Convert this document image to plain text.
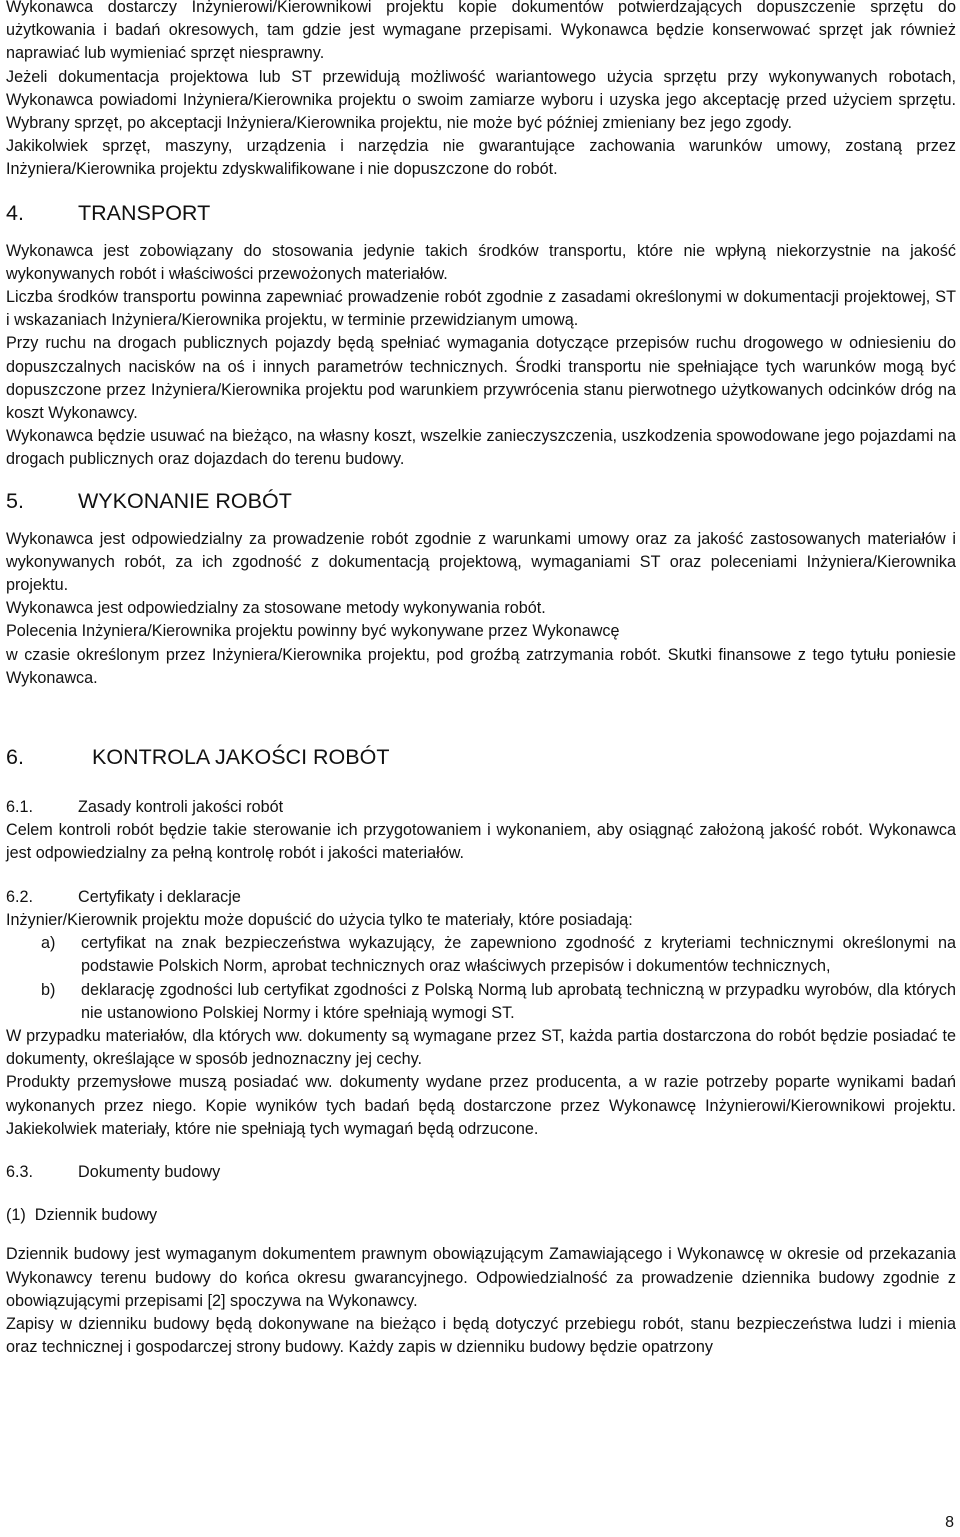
Wykonawca dostarczy Inżynierowi/Kierownikowi projektu kopie dokumentów potwierdzających dopuszczenie sprzętu do użytkowania i badań okresowych, tam gdzie jest wymagane przepisami. Wykonawca będzie konserwować sprzęt jak również naprawiać lub wymieniać sprzęt niesprawny.

Jeżeli dokumentacja projektowa lub ST przewidują możliwość wariantowego użycia sprzętu przy wykonywanych robotach, Wykonawca powiadomi Inżyniera/Kierownika projektu o swoim zamiarze wyboru i uzyska jego akceptację przed użyciem sprzętu. Wybrany sprzęt, po akceptacji Inżyniera/Kierownika projektu, nie może być później zmieniany bez jego zgody.

Jakikolwiek sprzęt, maszyny, urządzenia i narzędzia nie gwarantujące zachowania warunków umowy, zostaną przez Inżyniera/Kierownika projektu zdyskwalifikowane i nie dopuszczone do robót.

4.	TRANSPORT

Wykonawca jest zobowiązany do stosowania jedynie takich środków transportu, które nie wpłyną niekorzystnie na jakość wykonywanych robót i właściwości przewożonych materiałów.

Liczba środków transportu powinna zapewniać prowadzenie robót zgodnie z zasadami określonymi w dokumentacji projektowej, ST i wskazaniach Inżyniera/Kierownika projektu, w terminie przewidzianym umową.

Przy ruchu na drogach publicznych pojazdy będą spełniać wymagania dotyczące przepisów ruchu drogowego w odniesieniu do dopuszczalnych nacisków na oś i innych parametrów technicznych. Środki transportu nie spełniające tych warunków mogą być dopuszczone przez Inżyniera/Kierownika projektu pod warunkiem przywrócenia stanu pierwotnego użytkowanych odcinków dróg na koszt Wykonawcy.

Wykonawca będzie usuwać na bieżąco, na własny koszt, wszelkie zanieczyszczenia, uszkodzenia spowodowane jego pojazdami na drogach publicznych oraz dojazdach do terenu budowy.

5.	WYKONANIE ROBÓT

Wykonawca jest odpowiedzialny za prowadzenie robót zgodnie z warunkami umowy oraz za jakość zastosowanych materiałów i wykonywanych robót, za ich zgodność z dokumentacją projektową, wymaganiami ST oraz poleceniami Inżyniera/Kierownika projektu.

Wykonawca jest odpowiedzialny za stosowane metody wykonywania robót.

Polecenia Inżyniera/Kierownika projektu powinny być wykonywane przez Wykonawcę

w czasie określonym przez Inżyniera/Kierownika projektu, pod groźbą zatrzymania robót. Skutki finansowe z tego tytułu poniesie Wykonawca.

6.	KONTROLA JAKOŚCI ROBÓT
6.1.	Zasady kontroli jakości robót

Celem kontroli robót będzie takie sterowanie ich przygotowaniem i wykonaniem, aby osiągnąć założoną jakość robót. Wykonawca jest odpowiedzialny za pełną kontrolę robót i jakości materiałów.

6.2.	Certyfikaty i deklaracje

Inżynier/Kierownik projektu może dopuścić do użycia tylko te materiały, które posiadają:

a)	certyfikat na znak bezpieczeństwa wykazujący, że zapewniono zgodność z kryteriami technicznymi określonymi na podstawie Polskich Norm, aprobat technicznych oraz właściwych przepisów i dokumentów technicznych,
b)	deklarację zgodności lub certyfikat zgodności z Polską Normą lub aprobatą techniczną w przypadku wyrobów, dla których nie ustanowiono Polskiej Normy i które spełniają wymogi ST.

W przypadku materiałów, dla których ww. dokumenty są wymagane przez ST, każda partia dostarczona do robót będzie posiadać te dokumenty, określające w sposób jednoznaczny jej cechy.

Produkty przemysłowe muszą posiadać ww. dokumenty wydane przez producenta, a w razie potrzeby poparte wynikami badań wykonanych przez niego. Kopie wyników tych badań będą dostarczone przez Wykonawcę Inżynierowi/Kierownikowi projektu. Jakiekolwiek materiały, które nie spełniają tych wymagań będą odrzucone.

6.3.	Dokumenty budowy

(1)  Dziennik budowy

Dziennik budowy jest wymaganym dokumentem prawnym obowiązującym Zamawiającego i Wykonawcę w okresie od przekazania Wykonawcy terenu budowy do końca okresu gwarancyjnego. Odpowiedzialność za prowadzenie dziennika budowy zgodnie z obowiązującymi przepisami [2] spoczywa na Wykonawcy.

Zapisy w dzienniku budowy będą dokonywane na bieżąco i będą dotyczyć przebiegu robót, stanu bezpieczeństwa ludzi i mienia oraz technicznej i gospodarczej strony budowy. Każdy zapis w dzienniku budowy będzie opatrzony

8
